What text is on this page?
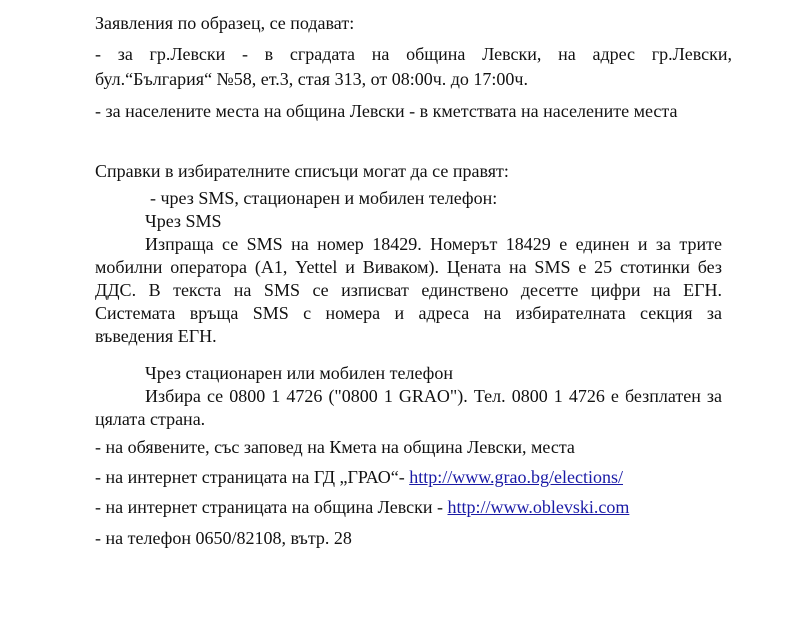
Заявления по образец, се подават:
- за гр.Левски - в сградата на община Левски, на адрес гр.Левски,
бул.“България“ №58, ет.3, стая 313, от 08:00ч. до 17:00ч.
- за населените места на община Левски - в кметствата на населените места
Справки в избирателните списъци могат да се правят:
- чрез SMS, стационарен и мобилен телефон:
Чрез SMS
Изпраща се SMS на номер 18429. Номерът 18429 е единен и за трите
мобилни оператора (А1, Yettel и Виваком). Цената на SMS е 25 стотинки без
ДДС. В текста на SMS се изписват единствено десетте цифри на ЕГН.
Системата връща SMS с номера и адреса на избирателната секция за
въведения ЕГН.
Чрез стационарен или мобилен телефон
Избира се 0800 1 4726 ("0800 1 GRAO"). Тел. 0800 1 4726 е безплатен за
цялата страна.
- на обявените, със заповед на Кмета на община Левски, места
- на интернет страницата на ГД „ГРАО“- http://www.grao.bg/elections/
- на интернет страницата на община Левски - http://www.oblevski.com
- на телефон 0650/82108, вътр. 28
